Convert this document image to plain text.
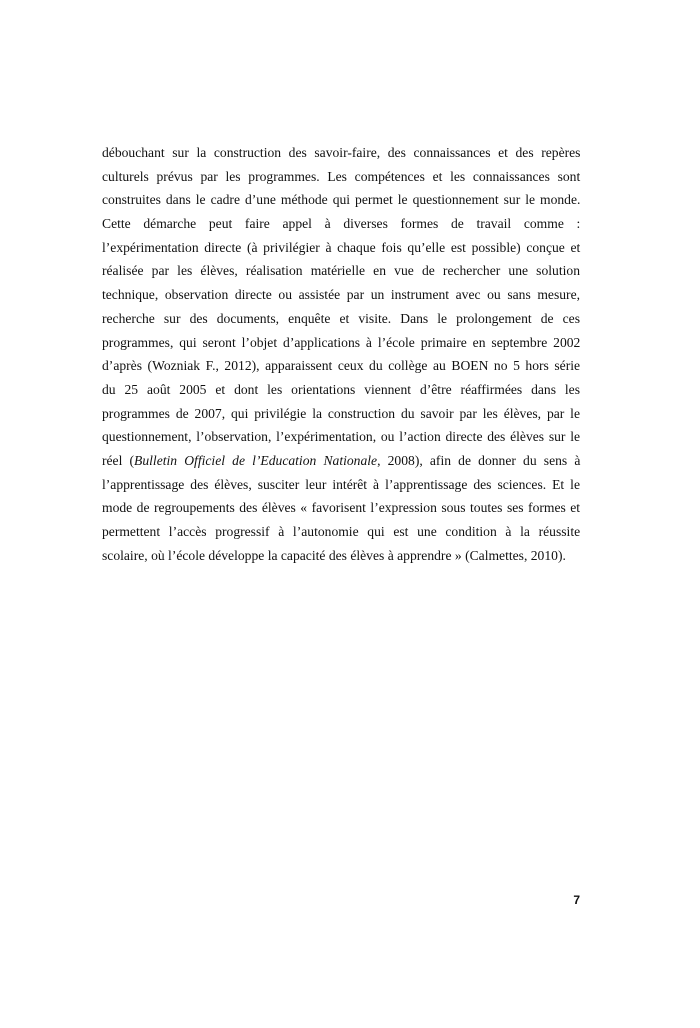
débouchant sur la construction des savoir-faire, des connaissances et des repères
culturels prévus par les programmes. Les compétences et les connaissances sont
construites dans le cadre d’une méthode qui permet le questionnement sur le monde.
Cette démarche peut faire appel à diverses formes de travail comme :
l’expérimentation directe (à privilégier à chaque fois qu’elle est possible) conçue et
réalisée par les élèves, réalisation matérielle en vue de rechercher une solution
technique, observation directe ou assistée par un instrument avec ou sans mesure,
recherche sur des documents, enquête et visite. Dans le prolongement de ces
programmes, qui seront l’objet d’applications à l’école primaire en septembre 2002
d’après (Wozniak F., 2012), apparaissent ceux du collège au BOEN no 5 hors série
du 25 août 2005 et dont les orientations viennent d’être réaffirmées dans les
programmes de 2007, qui privilégie la construction du savoir par les élèves, par le
questionnement, l’observation, l’expérimentation, ou l’action directe des élèves sur le
réel (Bulletin Officiel de l’Education Nationale, 2008), afin de donner du sens à
l’apprentissage des élèves, susciter leur intérêt à l’apprentissage des sciences. Et le
mode de regroupements des élèves « favorisent l’expression sous toutes ses formes et
permettent l’accès progressif à l’autonomie qui est une condition à la réussite
scolaire, où l’école développe la capacité des élèves à apprendre » (Calmettes, 2010).
7
